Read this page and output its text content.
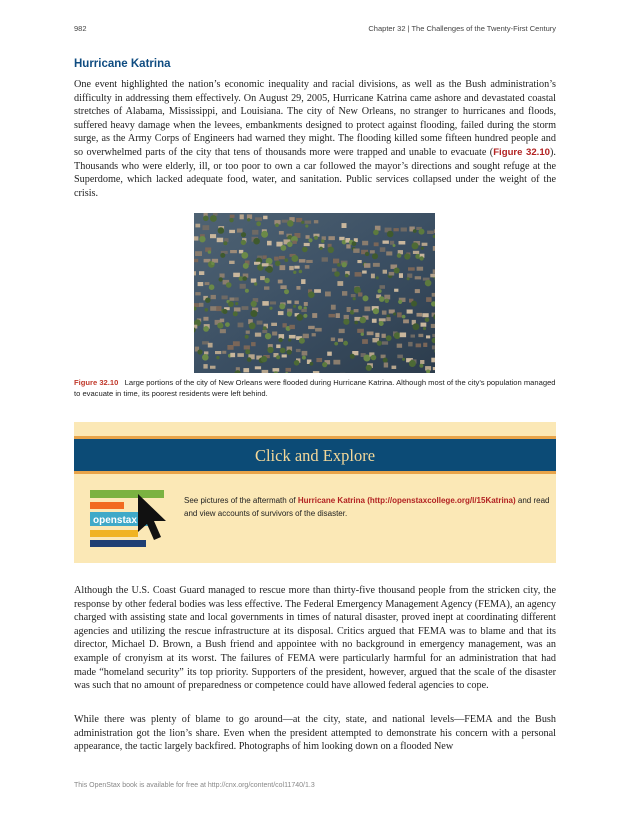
982	Chapter 32 | The Challenges of the Twenty-First Century
Hurricane Katrina

One event highlighted the nation’s economic inequality and racial divisions, as well as the Bush administration’s difficulty in addressing them effectively. On August 29, 2005, Hurricane Katrina came ashore and devastated coastal stretches of Alabama, Mississippi, and Louisiana. The city of New Orleans, no stranger to hurricanes and floods, suffered heavy damage when the levees, embankments designed to protect against flooding, failed during the storm surge, as the Army Corps of Engineers had warned they might. The flooding killed some fifteen hundred people and so overwhelmed parts of the city that tens of thousands more were trapped and unable to evacuate (Figure 32.10). Thousands who were elderly, ill, or too poor to own a car followed the mayor’s directions and sought refuge at the Superdome, which lacked adequate food, water, and sanitation. Public services collapsed under the weight of the crisis.

Figure 32.10 Large portions of the city of New Orleans were flooded during Hurricane Katrina. Although most of the city’s population managed to evacuate in time, its poorest residents were left behind.

Click and Explore
openstax

See pictures of the aftermath of Hurricane Katrina (http://openstaxcollege.org/l/15Katrina) and read and view accounts of survivors of the disaster.

Although the U.S. Coast Guard managed to rescue more than thirty-five thousand people from the stricken city, the response by other federal bodies was less effective. The Federal Emergency Management Agency (FEMA), an agency charged with assisting state and local governments in times of natural disaster, proved inept at coordinating different agencies and utilizing the rescue infrastructure at its disposal. Critics argued that FEMA was to blame and that its director, Michael D. Brown, a Bush friend and appointee with no background in emergency management, was an example of cronyism at its worst. The failures of FEMA were particularly harmful for an administration that had made “homeland security” its top priority. Supporters of the president, however, argued that the scale of the disaster was such that no amount of preparedness or competence could have allowed federal agencies to cope.

While there was plenty of blame to go around—at the city, state, and national levels—FEMA and the Bush administration got the lion’s share. Even when the president attempted to demonstrate his concern with a personal appearance, the tactic largely backfired. Photographs of him looking down on a flooded New

This OpenStax book is available for free at http://cnx.org/content/col11740/1.3
